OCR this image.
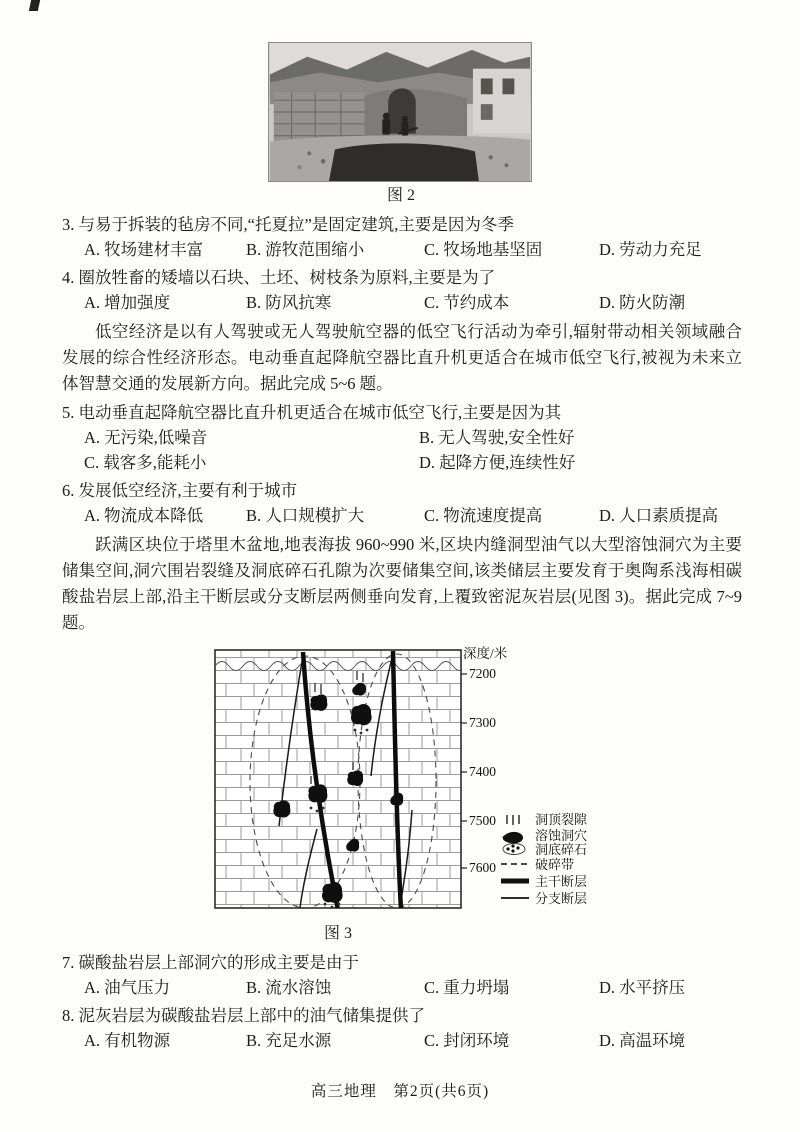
图 2
3. 与易于拆装的毡房不同,“托夏拉”是固定建筑,主要是因为冬季
A. 牧场建材丰富	B. 游牧范围缩小	C. 牧场地基坚固	D. 劳动力充足
4. 圈放牲畜的矮墙以石块、土坯、树枝条为原料,主要是为了
A. 增加强度	B. 防风抗寒	C. 节约成本	D. 防火防潮
低空经济是以有人驾驶或无人驾驶航空器的低空飞行活动为牵引,辐射带动相关领域融合发展的综合性经济形态。电动垂直起降航空器比直升机更适合在城市低空飞行,被视为未来立体智慧交通的发展新方向。据此完成 5~6 题。
5. 电动垂直起降航空器比直升机更适合在城市低空飞行,主要是因为其
A. 无污染,低噪音	B. 无人驾驶,安全性好
C. 载客多,能耗小	D. 起降方便,连续性好
6. 发展低空经济,主要有利于城市
A. 物流成本降低	B. 人口规模扩大	C. 物流速度提高	D. 人口素质提高
跃满区块位于塔里木盆地,地表海拔 960~990 米,区块内缝洞型油气以大型溶蚀洞穴为主要储集空间,洞穴围岩裂缝及洞底碎石孔隙为次要储集空间,该类储层主要发育于奥陶系浅海相碳酸盐岩层上部,沿主干断层或分支断层两侧垂向发育,上覆致密泥灰岩层(见图 3)。据此完成 7~9 题。
深度/米
7200
7300
7400
7500
7600
洞顶裂隙
溶蚀洞穴
洞底碎石
破碎带
主干断层
分支断层
图 3
7. 碳酸盐岩层上部洞穴的形成主要是由于
A. 油气压力	B. 流水溶蚀	C. 重力坍塌	D. 水平挤压
8. 泥灰岩层为碳酸盐岩层上部中的油气储集提供了
A. 有机物源	B. 充足水源	C. 封闭环境	D. 高温环境
高三地理　第2页(共6页)
